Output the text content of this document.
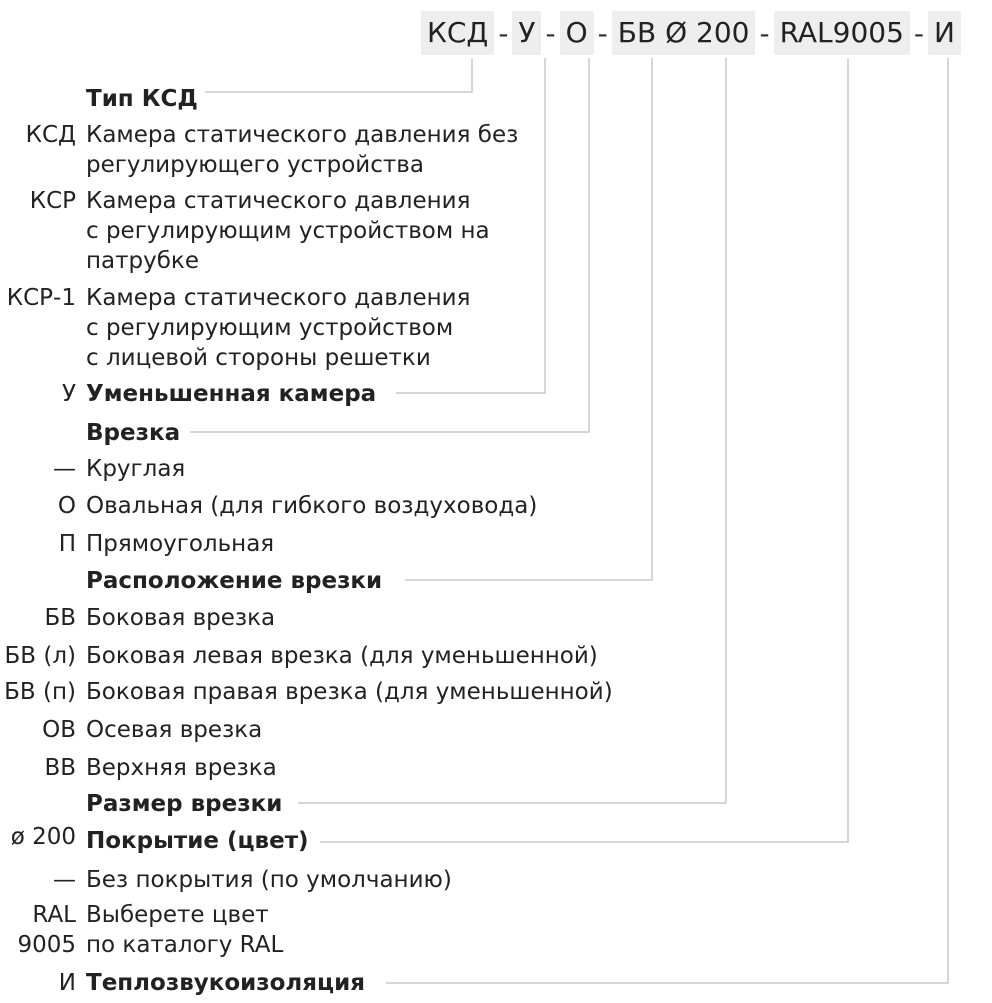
КСД - У - О - БВ Ø 200 - RAL9005 - И
Тип КСД
КСД Камера статического давления без
регулирующего устройства
КСР Камера статического давления
с регулирующим устройством на
патрубке
КСР-1 Камера статического давления
с регулирующим устройством
с лицевой стороны решетки
У Уменьшенная камера
Врезка
— Круглая
О Овальная (для гибкого воздуховода)
П Прямоугольная
Расположение врезки
БВ Боковая врезка
БВ (л) Боковая левая врезка (для уменьшенной)
БВ (п) Боковая правая врезка (для уменьшенной)
ОВ Осевая врезка
ВВ Верхняя врезка
Размер врезки
ø 200 Покрытие (цвет)
— Без покрытия (по умолчанию)
RAL
9005
Выберете цвет
по каталогу RAL
И Теплозвукоизоляция
